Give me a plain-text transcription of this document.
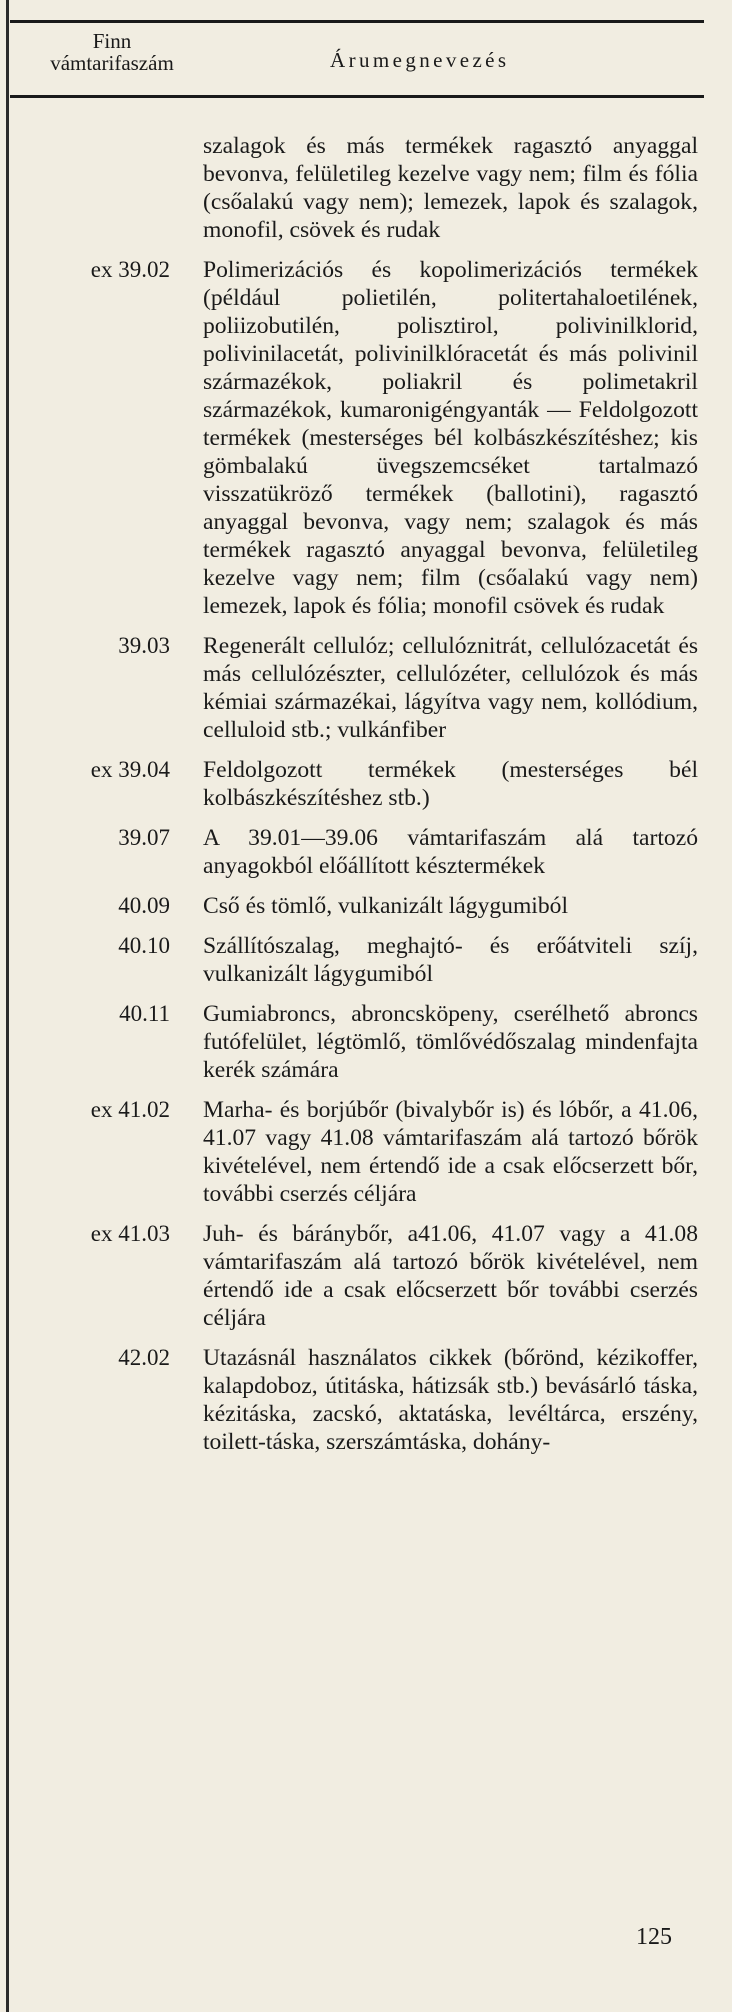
Finn
vámtarifaszám	Árumegnevezés
szalagok és más termékek ragasztó anyaggal bevonva, felületileg kezelve vagy nem; film és fólia (csőalakú vagy nem); lemezek, lapok és szalagok, monofil, csövek és rudak
ex 39.02 Polimerizációs és kopolimerizációs termékek (például polietilén, politertahaloetilének, poliizobutilén, polisztirol, polivinilklorid, polivinilacetát, polivinilklóracetát és más polivinil származékok, poliakril és polimetakril származékok, kumaronigéngyanták — Feldolgozott termékek (mesterséges bél kolbászkészítéshez; kis gömbalakú üvegszemcséket tartalmazó visszatükröző termékek (ballotini), ragasztó anyaggal bevonva, vagy nem; szalagok és más termékek ragasztó anyaggal bevonva, felületileg kezelve vagy nem; film (csőalakú vagy nem) lemezek, lapok és fólia; monofil csövek és rudak
39.03 Regenerált cellulóz; cellulóznitrát, cellulózacetát és más cellulózészter, cellulózéter, cellulózok és más kémiai származékai, lágyítva vagy nem, kollódium, celluloid stb.; vulkánfiber
ex 39.04 Feldolgozott termékek (mesterséges bél kolbászkészítéshez stb.)
39.07 A 39.01—39.06 vámtarifaszám alá tartozó anyagokból előállított késztermékek
40.09 Cső és tömlő, vulkanizált lágygumiból
40.10 Szállítószalag, meghajtó- és erőátviteli szíj, vulkanizált lágygumiból
40.11 Gumiabroncs, abroncsköpeny, cserélhető abroncs futófelület, légtömlő, tömlővédőszalag mindenfajta kerék számára
ex 41.02 Marha- és borjúbőr (bivalybőr is) és lóbőr, a 41.06, 41.07 vagy 41.08 vámtarifaszám alá tartozó bőrök kivételével, nem értendő ide a csak előcserzett bőr, további cserzés céljára
ex 41.03 Juh- és báránybőr, a41.06, 41.07 vagy a 41.08 vámtarifaszám alá tartozó bőrök kivételével, nem értendő ide a csak előcserzett bőr további cserzés céljára
42.02 Utazásnál használatos cikkek (bőrönd, kézikoffer, kalapdoboz, útitáska, hátizsák stb.) bevásárló táska, kézitáska, zacskó, aktatáska, levéltárca, erszény, toilett-táska, szerszámtáska, dohány-
125
